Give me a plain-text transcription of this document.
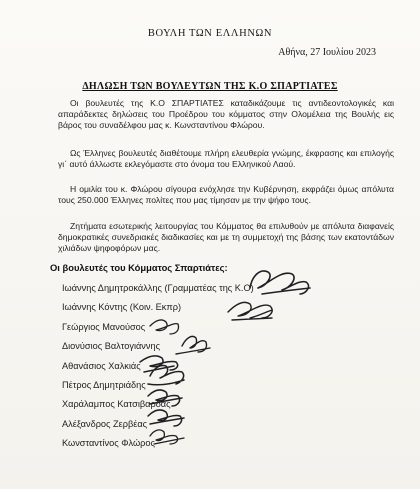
ΒΟΥΛΗ ΤΩΝ ΕΛΛΗΝΩΝ
Αθήνα, 27 Ιουλίου 2023
ΔΗΛΩΣΗ ΤΩΝ ΒΟΥΛΕΥΤΩΝ ΤΗΣ Κ.Ο ΣΠΑΡΤΙΑΤΕΣ

Οι βουλευτές της Κ.Ο ΣΠΑΡΤΙΑΤΕΣ καταδικάζουμε τις αντιδεοντολογικές και απαράδεκτες δηλώσεις του Προέδρου του κόμματος στην Ολομέλεια της Βουλής εις βάρος του συναδέλφου μας κ. Κωνσταντίνου Φλώρου.

Ως Έλληνες βουλευτές διαθέτουμε πλήρη ελευθερία γνώμης, έκφρασης και επιλογής γι΄ αυτό άλλωστε εκλεγόμαστε στο όνομα του Ελληνικού Λαού.

Η ομιλία του κ. Φλώρου σίγουρα ενόχλησε την Κυβέρνηση, εκφράζει όμως απόλυτα τους 250.000 Έλληνες πολίτες που μας τίμησαν με την ψήφο τους.

Ζητήματα εσωτερικής λειτουργίας του Κόμματος θα επιλυθούν με απόλυτα διαφανείς δημοκρατικές συνεδριακές διαδικασίες και με τη συμμετοχή της βάσης των εκατοντάδων χιλιάδων ψηφοφόρων μας.

Οι βουλευτές του Κόμματος Σπαρτιάτες:
Ιωάννης Δημητροκάλλης (Γραμματέας της Κ.Ο)
Ιωάννης Κόντης (Κοιν. Εκπρ)
Γεώργιος Μανούσος
Διονύσιος Βαλτογιάννης
Αθανάσιος Χαλκιάς
Πέτρος Δημητριάδης
Χαράλαμπος Κατσιβαρδάς
Αλέξανδρος Ζερβέας
Κωνσταντίνος Φλώρος
